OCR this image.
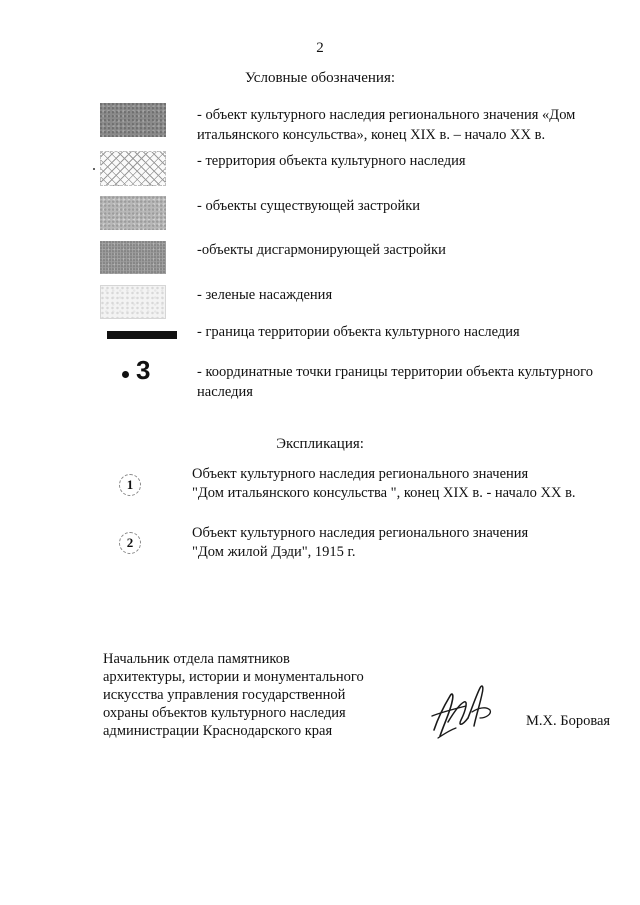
2
Условные обозначения:
- объект культурного наследия регионального значения «Дом итальянского консульства», конец XIX в. – начало XX в.
- территория объекта культурного наследия
- объекты существующей застройки
-объекты дисгармонирующей застройки
- зеленые насаждения
- граница территории объекта культурного наследия
3	- координатные точки границы территории объекта культурного наследия
Экспликация:
1
Объект культурного наследия регионального значения
"Дом итальянского консульства ", конец XIX в. - начало XX в.
2
Объект культурного наследия регионального значения
"Дом жилой Дэди", 1915 г.
Начальник отдела памятников
архитектуры, истории и монументального
искусства управления государственной
охраны объектов культурного наследия
администрации Краснодарского края
М.Х. Боровая
